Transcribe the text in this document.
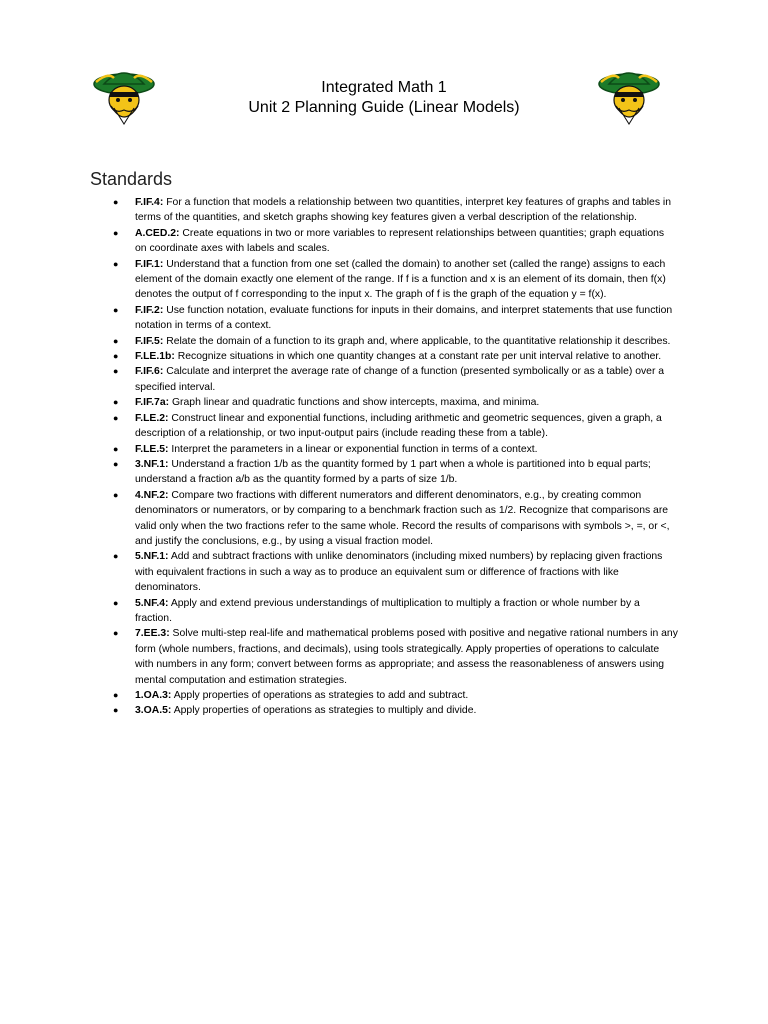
Integrated Math 1
Unit 2 Planning Guide (Linear Models)
Standards
● F.IF.4: For a function that models a relationship between two quantities, interpret key features of graphs and tables in terms of the quantities, and sketch graphs showing key features given a verbal description of the relationship.
● A.CED.2: Create equations in two or more variables to represent relationships between quantities; graph equations on coordinate axes with labels and scales.
● F.IF.1: Understand that a function from one set (called the domain) to another set (called the range) assigns to each element of the domain exactly one element of the range. If f is a function and x is an element of its domain, then f(x) denotes the output of f corresponding to the input x. The graph of f is the graph of the equation y = f(x).
● F.IF.2: Use function notation, evaluate functions for inputs in their domains, and interpret statements that use function notation in terms of a context.
● F.IF.5: Relate the domain of a function to its graph and, where applicable, to the quantitative relationship it describes.
● F.LE.1b: Recognize situations in which one quantity changes at a constant rate per unit interval relative to another.
● F.IF.6: Calculate and interpret the average rate of change of a function (presented symbolically or as a table) over a specified interval.
● F.IF.7a: Graph linear and quadratic functions and show intercepts, maxima, and minima.
● F.LE.2: Construct linear and exponential functions, including arithmetic and geometric sequences, given a graph, a description of a relationship, or two input-output pairs (include reading these from a table).
● F.LE.5: Interpret the parameters in a linear or exponential function in terms of a context.
● 3.NF.1: Understand a fraction 1/b as the quantity formed by 1 part when a whole is partitioned into b equal parts; understand a fraction a/b as the quantity formed by a parts of size 1/b.
● 4.NF.2: Compare two fractions with different numerators and different denominators, e.g., by creating common denominators or numerators, or by comparing to a benchmark fraction such as 1/2. Recognize that comparisons are valid only when the two fractions refer to the same whole. Record the results of comparisons with symbols >, =, or <, and justify the conclusions, e.g., by using a visual fraction model.
● 5.NF.1: Add and subtract fractions with unlike denominators (including mixed numbers) by replacing given fractions with equivalent fractions in such a way as to produce an equivalent sum or difference of fractions with like denominators.
● 5.NF.4: Apply and extend previous understandings of multiplication to multiply a fraction or whole number by a fraction.
● 7.EE.3: Solve multi-step real-life and mathematical problems posed with positive and negative rational numbers in any form (whole numbers, fractions, and decimals), using tools strategically. Apply properties of operations to calculate with numbers in any form; convert between forms as appropriate; and assess the reasonableness of answers using mental computation and estimation strategies.
● 1.OA.3: Apply properties of operations as strategies to add and subtract.
● 3.OA.5: Apply properties of operations as strategies to multiply and divide.
